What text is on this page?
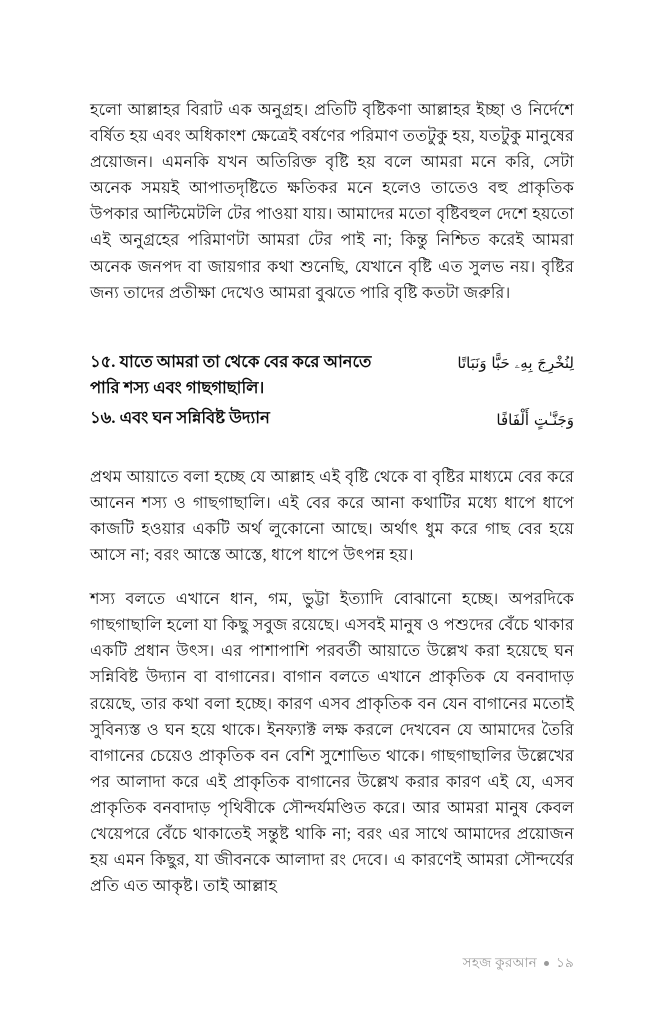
হলো আল্লাহর বিরাট এক অনুগ্রহ। প্রতিটি বৃষ্টিকণা আল্লাহর ইচ্ছা ও নির্দেশে বর্ষিত হয় এবং অধিকাংশ ক্ষেত্রেই বর্ষণের পরিমাণ ততটুকু হয়, যতটুকু মানুষের প্রয়োজন। এমনকি যখন অতিরিক্ত বৃষ্টি হয় বলে আমরা মনে করি, সেটা অনেক সময়ই আপাতদৃষ্টিতে ক্ষতিকর মনে হলেও তাতেও বহু প্রাকৃতিক উপকার আল্টিমেটলি টের পাওয়া যায়। আমাদের মতো বৃষ্টিবহুল দেশে হয়তো এই অনুগ্রহের পরিমাণটা আমরা টের পাই না; কিন্তু নিশ্চিত করেই আমরা অনেক জনপদ বা জায়গার কথা শুনেছি, যেখানে বৃষ্টি এত সুলভ নয়। বৃষ্টির জন্য তাদের প্রতীক্ষা দেখেও আমরা বুঝতে পারি বৃষ্টি কতটা জরুরি।

১৫. যাতে আমরা তা থেকে বের করে আনতে পারি শস্য এবং গাছগাছালি।
لِنُخْرِجَ بِهِۦ حَبًّا وَنَبَاتًا
১৬. এবং ঘন সন্নিবিষ্ট উদ্যান	وَجَنَّـٰتٍ أَلْفَافًا

প্রথম আয়াতে বলা হচ্ছে যে আল্লাহ এই বৃষ্টি থেকে বা বৃষ্টির মাধ্যমে বের করে আনেন শস্য ও গাছগাছালি। এই বের করে আনা কথাটির মধ্যে ধাপে ধাপে কাজটি হওয়ার একটি অর্থ লুকোনো আছে। অর্থাৎ ধুম করে গাছ বের হয়ে আসে না; বরং আস্তে আস্তে, ধাপে ধাপে উৎপন্ন হয়।

শস্য বলতে এখানে ধান, গম, ভুট্টা ইত্যাদি বোঝানো হচ্ছে। অপরদিকে গাছগাছালি হলো যা কিছু সবুজ রয়েছে। এসবই মানুষ ও পশুদের বেঁচে থাকার একটি প্রধান উৎস। এর পাশাপাশি পরবর্তী আয়াতে উল্লেখ করা হয়েছে ঘন সন্নিবিষ্ট উদ্যান বা বাগানের। বাগান বলতে এখানে প্রাকৃতিক যে বনবাদাড় রয়েছে, তার কথা বলা হচ্ছে। কারণ এসব প্রাকৃতিক বন যেন বাগানের মতোই সুবিন্যস্ত ও ঘন হয়ে থাকে। ইনফ্যাক্ট লক্ষ করলে দেখবেন যে আমাদের তৈরি বাগানের চেয়েও প্রাকৃতিক বন বেশি সুশোভিত থাকে। গাছগাছালির উল্লেখের পর আলাদা করে এই প্রাকৃতিক বাগানের উল্লেখ করার কারণ এই যে, এসব প্রাকৃতিক বনবাদাড় পৃথিবীকে সৌন্দর্যমণ্ডিত করে। আর আমরা মানুষ কেবল খেয়েপরে বেঁচে থাকাতেই সন্তুষ্ট থাকি না; বরং এর সাথে আমাদের প্রয়োজন হয় এমন কিছুর, যা জীবনকে আলাদা রং দেবে। এ কারণেই আমরা সৌন্দর্যের প্রতি এত আকৃষ্ট। তাই আল্লাহ

সহজ কুরআন ১৯
